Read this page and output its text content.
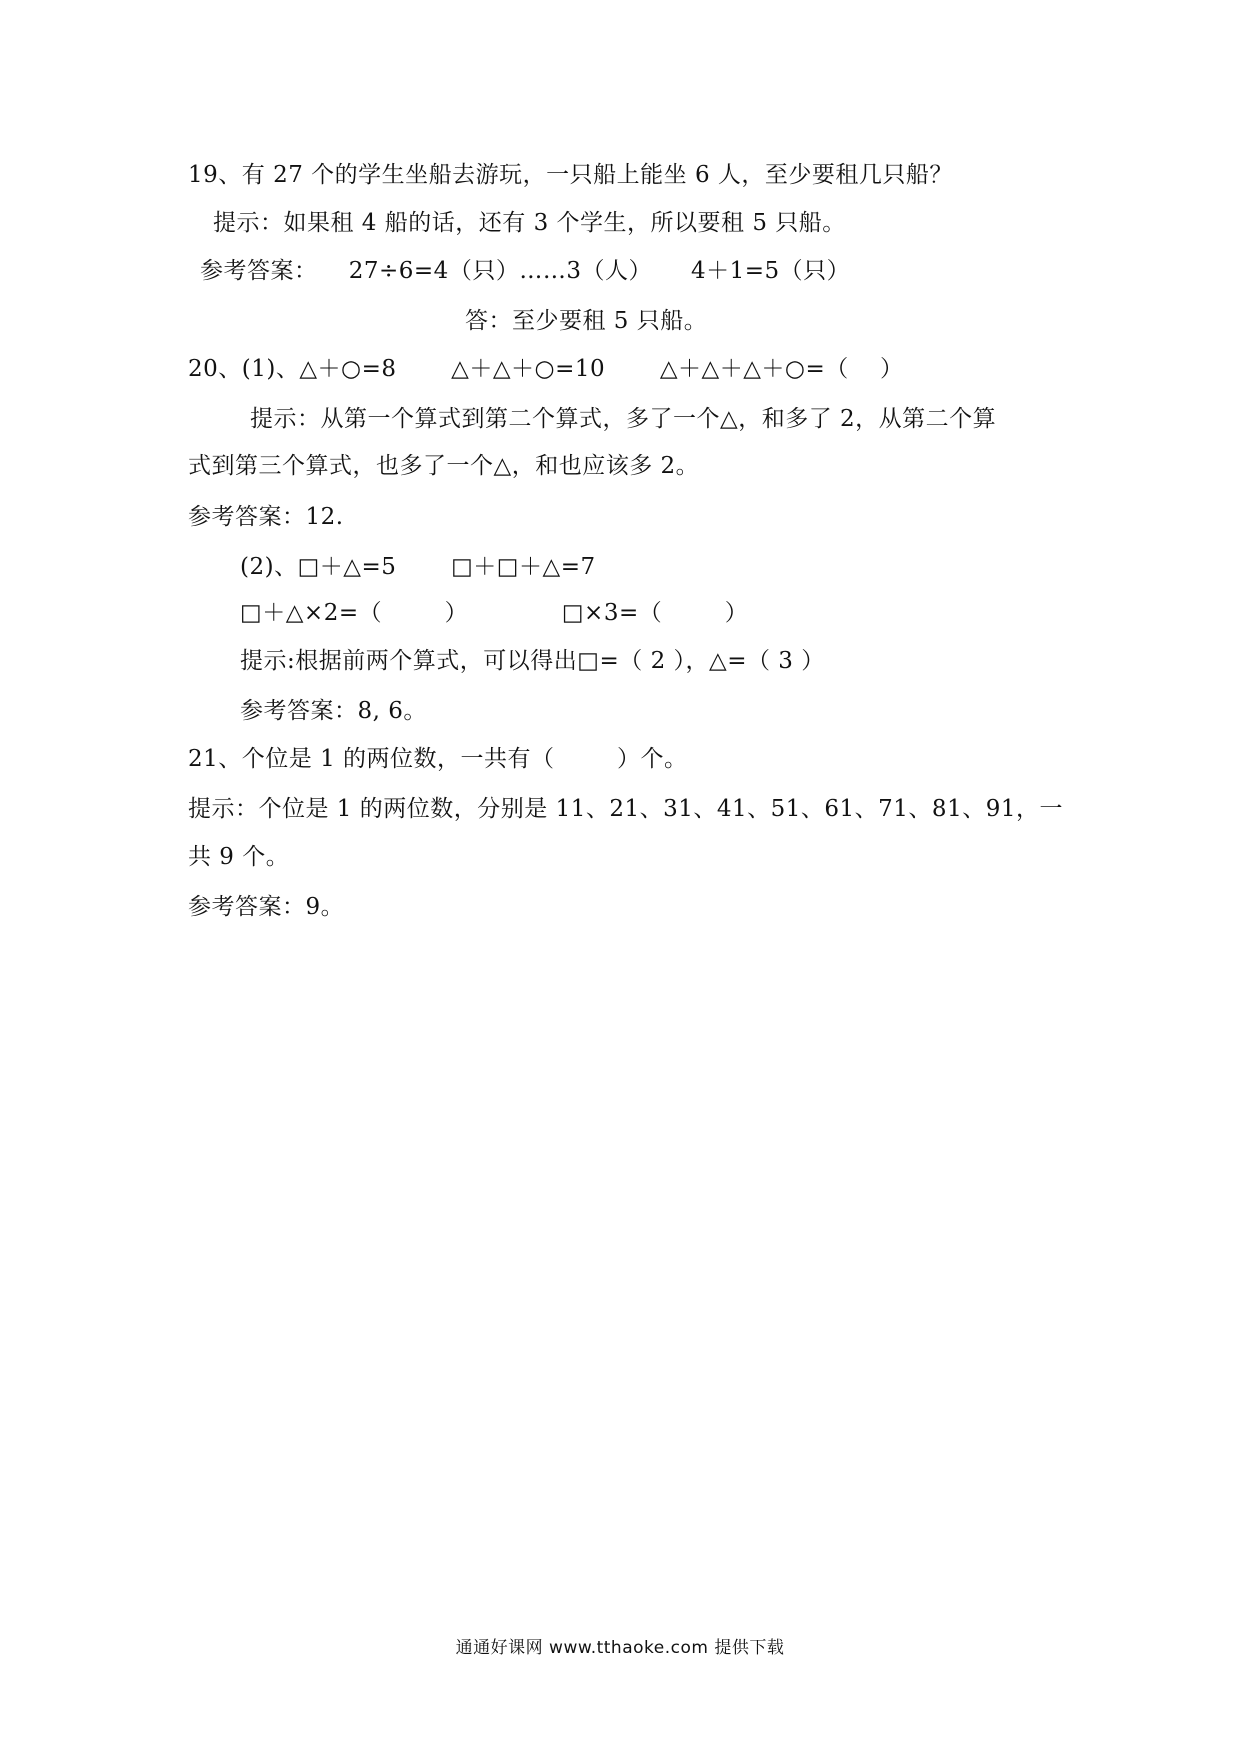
19、有 27 个的学生坐船去游玩，一只船上能坐 6 人，至少要租几只船？
提示：如果租 4 船的话，还有 3 个学生，所以要租 5 只船。
参考答案：    27÷6=4（只）……3（人）     4＋1=5（只）
答：至少要租 5 只船。
20、(1)、△＋○=8       △＋△＋○=10       △＋△＋△＋○=（    ）
提示：从第一个算式到第二个算式，多了一个△，和多了 2，从第二个算
式到第三个算式，也多了一个△，和也应该多 2。
参考答案：12.
(2)、□＋△=5       □＋□＋△=7
□＋△×2=（        ）            □×3=（        ）
提示:根据前两个算式，可以得出□=（ 2 ），△=（ 3 ）
参考答案：8, 6。
21、个位是 1 的两位数，一共有（        ）个。
提示：个位是 1 的两位数，分别是 11、21、31、41、51、61、71、81、91，一
共 9 个。
参考答案：9。
通通好课网 www.tthaoke.com 提供下载
